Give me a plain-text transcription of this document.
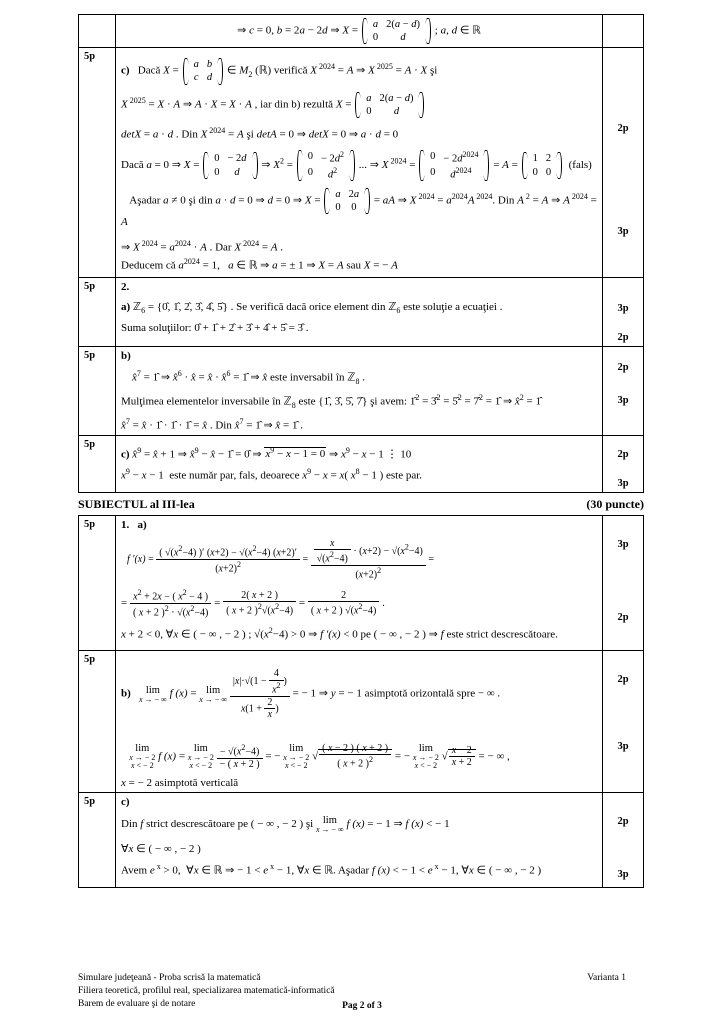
⇒ c = 0, b = 2a − 2d ⇒ X =
a	2(a − d)
0	d
; a, d ∈ ℝ

5p	
c)   Dacă X =
a	b
c	d
∈ $M_2$ (ℝ) verifică X $^{2024}$ = A ⇒ X $^{2025}$ = A · X şi
X $^{2025}$ = X · A ⇒ A · X = X · A , iar din b) rezultă X =
a	2(a − d)
0	d
detX = a · d . Din X $^{2024}$ = A şi detA = 0 ⇒ detX = 0 ⇒ a · d = 0
Dacă a = 0 ⇒ X =
0	− 2d
0	d
⇒ $X^2$ =
0	− $2d^2$
0	$d^2$ ... ⇒ X $^{2024}$ =
0	− $2d^{2024}$
0	$d^{2024} = A$ =
1	2
0	0
(fals)
Aşadar a ≠ 0 şi din a · d = 0 ⇒ d = 0 ⇒ X =
a	2a
0	0
= aA ⇒ X $^{2024} = a^{2024}A$ $^{2024}$. Din A $^2$ = A ⇒ A $^{2024}$ = A
⇒ X $^{2024} = a^{2024} \cdot A$ . Dar X $^{2024}$ = A .
Deducem că $a^{2024} = 1$,   a ∈ ℝ ⇒ a = ± 1 ⇒ X = A sau X = − A

2p
3p

5p	2.
a) ℤ$_6$ = {0̂, 1̂, 2̂, 3̂, 4̂, 5̂} . Se verifică dacă orice element din ℤ$_6$ este soluţie a ecuaţiei .
Suma soluţiilor: 0̂ + 1̂ + 2̂ + 3̂ + 4̂ + 5̂ = 3̂ .

3p
2p

5p	b)
x̂$^7$ = 1̂ ⇒ x̂$^6$ · x̂ = x̂ · x̂$^6$ = 1̂ ⇒ x̂ este inversabil în ℤ$_8$ .
Mulţimea elementelor inversabile în ℤ$_8$ este {1̂, 3̂, 5̂, 7̂} şi avem: 1̂$^2$ = 3̂$^2$ = 5̂$^2$ = 7̂$^2$ = 1̂ ⇒ x̂$^2$ = 1̂
x̂$^7$ = x̂ · 1̂ · 1̂ · 1̂ = x̂ . Din x̂$^7$ = 1̂ ⇒ x̂ = 1̂ .

2p
3p

5p	
c) x̂$^9$ = x̂ + 1 ⇒ x̂$^9$ − x̂ − 1̂ = 0̂ ⇒ $x^9 - x - 1 = 0$ ⇒ $x^9 - x - 1$ ⋮ 10
$x^9 - x - 1$  este număr par, fals, deoarece $x^9 - x = x$( $x^8 - 1$ ) este par.

2p
3p
SUBIECTUL al III-lea	(30 puncte)
5p	1. a)
f $'(x) = \frac{( √(x^2-4) )' (x+2) - √(x^2-4) (x+2)'}{(x+2)^2} = \frac{\frac{x}{√(x^2-4)} \cdot (x+2) - √(x^2-4)}{(x+2)^2}$ =
= $\frac{x^2 + 2x - ( x^2 - 4 )}{( x + 2 )^2 \cdot √(x^2-4)} = \frac{2( x + 2 )}{( x + 2 )^2√(x^2-4)} = \frac{2}{( x + 2 ) √(x^2-4)}$ .
x + 2 < 0, ∀x ∈ ( − ∞ , − 2 ) ; $√(x^2-4) > 0$ ⇒ f ′(x) < 0 pe ( − ∞ , − 2 ) ⇒ f este strict descrescătoare.

3p
2p

5p	
b)	lim
x → − ∞ f (x) = lim
x → − ∞
$\frac{|x|\cdot√(1 - \frac{4}{x^2} )}{x(1 + \frac{2}{x} )}$ = − 1 ⇒ y = − 1 asimptotă orizontală spre − ∞ .

lim
x → − 2
x < − 2
f (x) =
lim
x → − 2
x < − 2
$\frac{- √(x^2-4)}{- ( x + 2 )}$ = −
lim
x → − 2
x < − 2
√ $\frac{( x - 2 ) ( x + 2 )}{( x + 2 )^2}$ = −
lim
x → − 2
x < − 2
√ $\frac{x - 2}{x + 2}$ = − ∞ ,
x = − 2 asimptotă verticală

2p
3p

5p	c)
Din f strict descrescătoare pe ( − ∞ , − 2 ) şi lim
x → − ∞ f (x) = − 1 ⇒ f (x) < − 1
∀x ∈ ( − ∞ , − 2 )
Avem e $^x$ > 0,  ∀x ∈ ℝ ⇒ − 1 < e $^x$ − 1, ∀x ∈ ℝ. Aşadar f (x) < − 1 < e $^x$ − 1, ∀x ∈ ( − ∞ , − 2 )

2p
3p
Simulare judeţeană - Proba scrisă la matematică
Filiera teoretică, profilul real, specializarea matematică-informatică
Barem de evaluare şi de notare
Varianta 1
Pag 2 of 3
